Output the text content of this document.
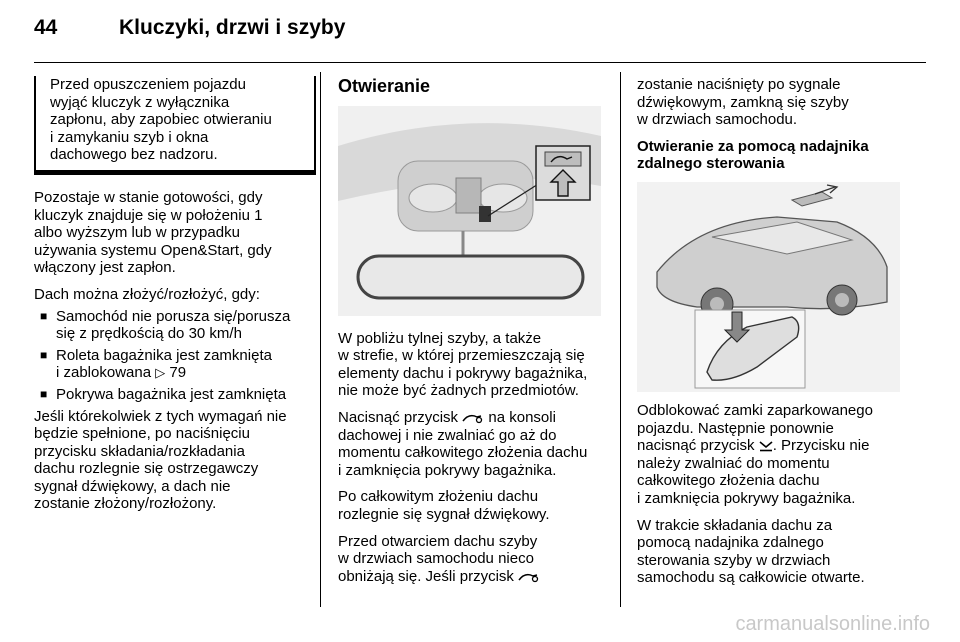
44	Kluczyki, drzwi i szyby

Przed opuszczeniem pojazdu
wyjąć kluczyk z wyłącznika
zapłonu, aby zapobiec otwieraniu
i zamykaniu szyb i okna
dachowego bez nadzoru.

Pozostaje w stanie gotowości, gdy
kluczyk znajduje się w położeniu 1
albo wyższym lub w przypadku
używania systemu Open&Start, gdy
włączony jest zapłon.

Dach można złożyć/rozłożyć, gdy:

■ Samochód nie porusza się/porusza
się z prędkością do 30 km/h
■ Roleta bagażnika jest zamknięta
i zablokowana ▷ 79
■ Pokrywa bagażnika jest zamknięta

Jeśli którekolwiek z tych wymagań nie
będzie spełnione, po naciśnięciu
przycisku składania/rozkładania
dachu rozlegnie się ostrzegawczy
sygnał dźwiękowy, a dach nie
zostanie złożony/rozłożony.

Otwieranie

W pobliżu tylnej szyby, a także
w strefie, w której przemieszczają się
elementy dachu i pokrywy bagażnika,
nie może być żadnych przedmiotów.

Nacisnąć przycisk na konsoli
dachowej i nie zwalniać go aż do
momentu całkowitego złożenia dachu
i zamknięcia pokrywy bagażnika.

Po całkowitym złożeniu dachu
rozlegnie się sygnał dźwiękowy.

Przed otwarciem dachu szyby
w drzwiach samochodu nieco
obniżają się. Jeśli przycisk

zostanie naciśnięty po sygnale
dźwiękowym, zamkną się szyby
w drzwiach samochodu.

Otwieranie za pomocą nadajnika
zdalnego sterowania

Odblokować zamki zaparkowanego
pojazdu. Następnie ponownie
nacisnąć przycisk . Przycisku nie
należy zwalniać do momentu
całkowitego złożenia dachu
i zamknięcia pokrywy bagażnika.

W trakcie składania dachu za
pomocą nadajnika zdalnego
sterowania szyby w drzwiach
samochodu są całkowicie otwarte.

carmanualsonline.info
